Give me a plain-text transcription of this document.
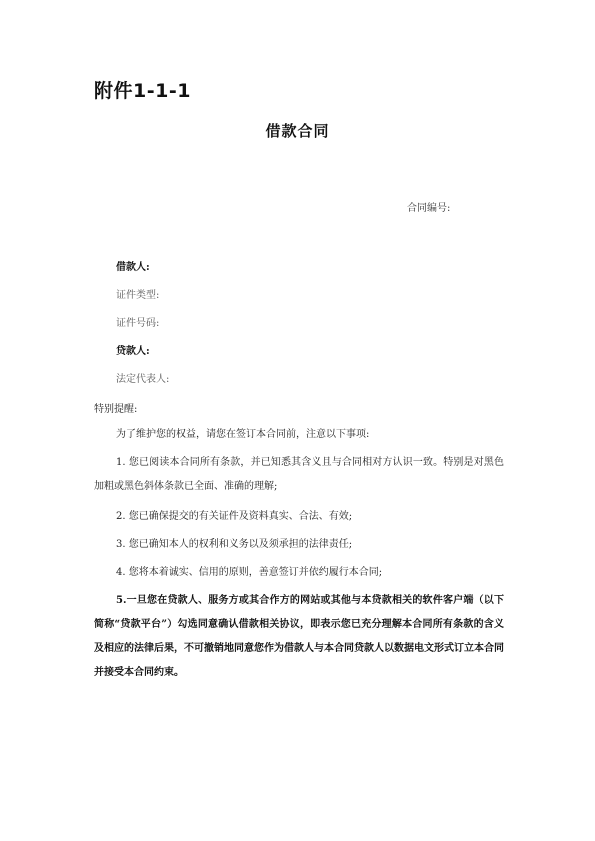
附件1-1-1
借款合同
合同编号:
借款人:
证件类型:
证件号码:
贷款人:
法定代表人:
特别提醒:

为了维护您的权益，请您在签订本合同前，注意以下事项:

1. 您已阅读本合同所有条款，并已知悉其含义且与合同相对方认识一致。特别是对黑色加粗或黑色斜体条款已全面、准确的理解;

2. 您已确保提交的有关证件及资料真实、合法、有效;

3. 您已确知本人的权利和义务以及须承担的法律责任;

4. 您将本着诚实、信用的原则，善意签订并依约履行本合同;

5.一旦您在贷款人、服务方或其合作方的网站或其他与本贷款相关的软件客户端（以下简称“贷款平台”）勾选同意确认借款相关协议，即表示您已充分理解本合同所有条款的含义及相应的法律后果，不可撤销地同意您作为借款人与本合同贷款人以数据电文形式订立本合同并接受本合同约束。
